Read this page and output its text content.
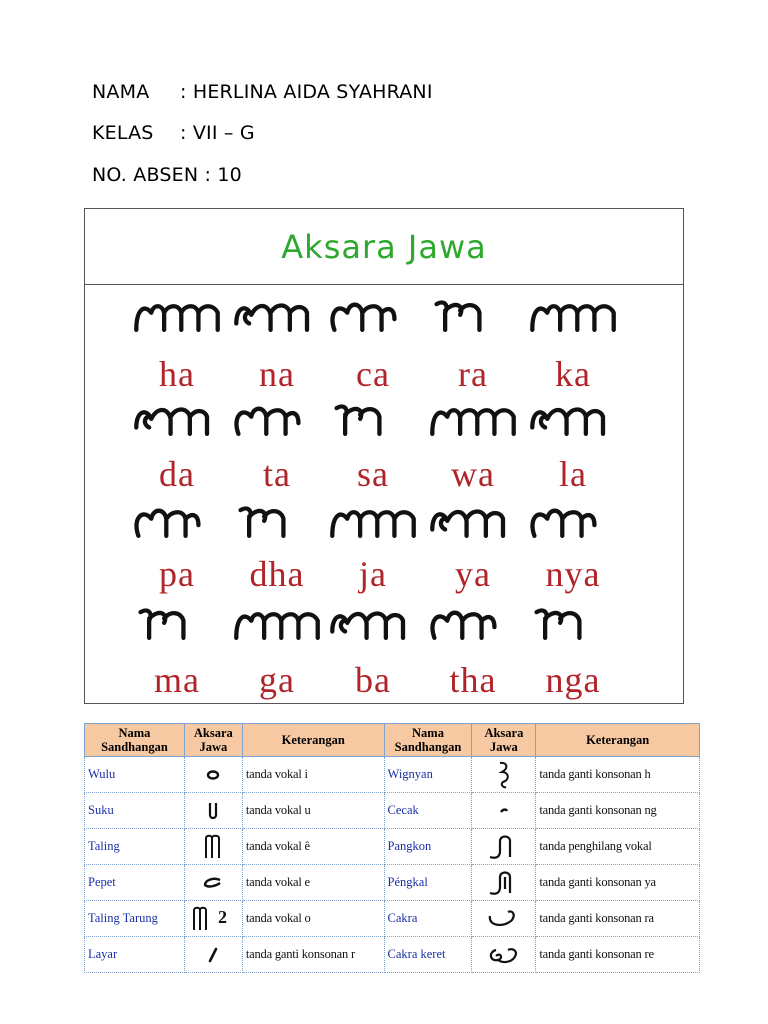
NAMA : HERLINA AIDA SYAHRANI
KELAS : VII – G
NO. ABSEN : 10
Aksara Jawa
ha	na	ca	ra	ka
da	ta	sa	wa	la
pa	dha	ja	ya	nya
ma	ga	ba	tha	nga
Nama Sandhangan	Aksara Jawa	Keterangan	Nama Sandhangan	Aksara Jawa	Keterangan
Wulu		tanda vokal i	Wignyan		tanda ganti konsonan h
Suku		tanda vokal u	Cecak		tanda ganti konsonan ng
Taling		tanda vokal ê	Pangkon		tanda penghilang vokal
Pepet		tanda vokal e	Péngkal		tanda ganti konsonan ya
Taling Tarung	2	tanda vokal o	Cakra		tanda ganti konsonan ra
Layar		tanda ganti konsonan r	Cakra keret		tanda ganti konsonan re
